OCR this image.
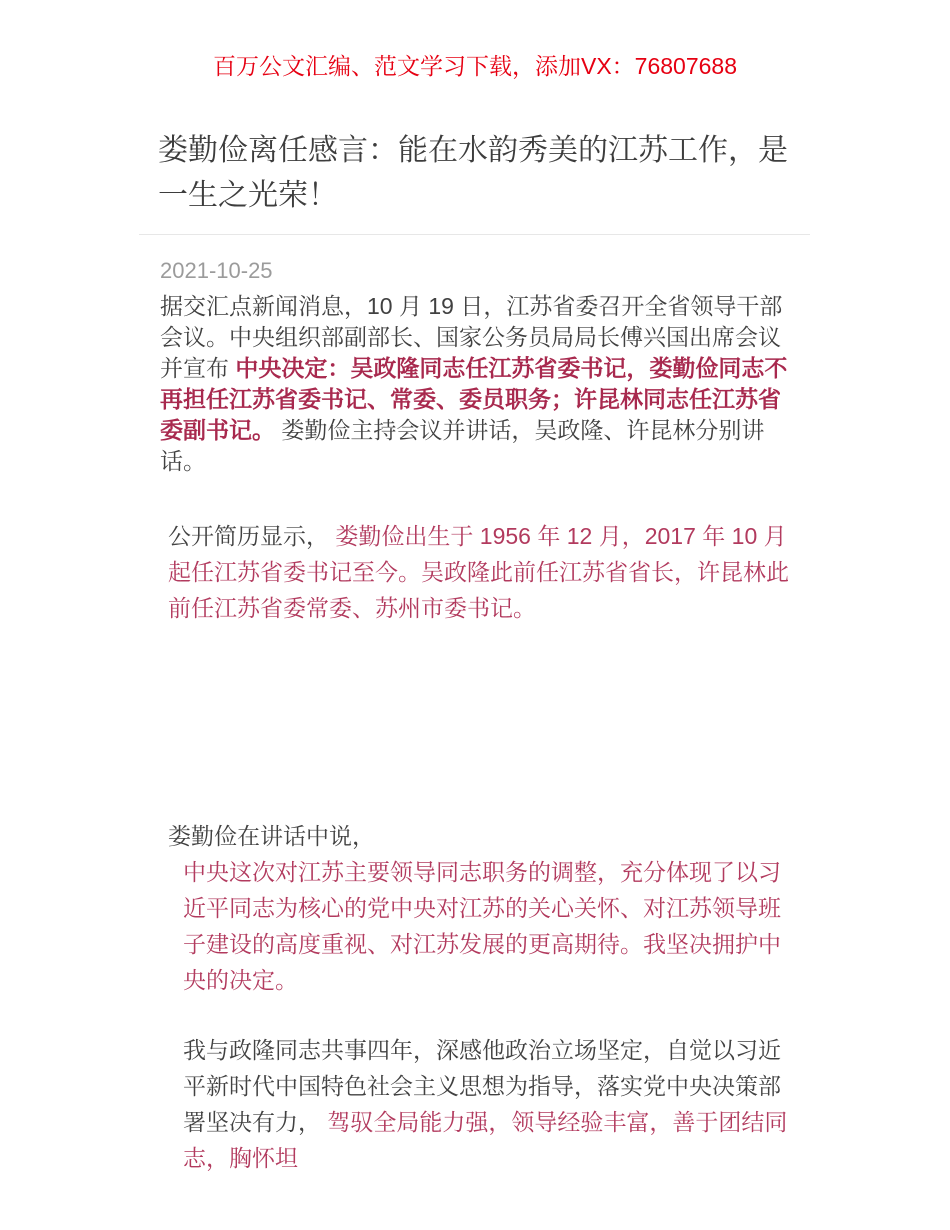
百万公文汇编、范文学习下载，添加VX：76807688
娄勤俭离任感言：能在水韵秀美的江苏工作，是一生之光荣！
2021-10-25

据交汇点新闻消息，10 月 19 日，江苏省委召开全省领导干部会议。中央组织部副部长、国家公务员局局长傅兴国出席会议并宣布 中央决定：吴政隆同志任江苏省委书记，娄勤俭同志不再担任江苏省委书记、常委、委员职务；许昆林同志任江苏省委副书记。 娄勤俭主持会议并讲话，吴政隆、许昆林分别讲话。

公开简历显示， 娄勤俭出生于 1956 年 12 月，2017 年 10 月起任江苏省委书记至今。吴政隆此前任江苏省省长，许昆林此前任江苏省委常委、苏州市委书记。

娄勤俭在讲话中说，

中央这次对江苏主要领导同志职务的调整，充分体现了以习近平同志为核心的党中央对江苏的关心关怀、对江苏领导班子建设的高度重视、对江苏发展的更高期待。我坚决拥护中央的决定。

我与政隆同志共事四年，深感他政治立场坚定，自觉以习近平新时代中国特色社会主义思想为指导，落实党中央决策部署坚决有力， 驾驭全局能力强，领导经验丰富，善于团结同志，胸怀坦
